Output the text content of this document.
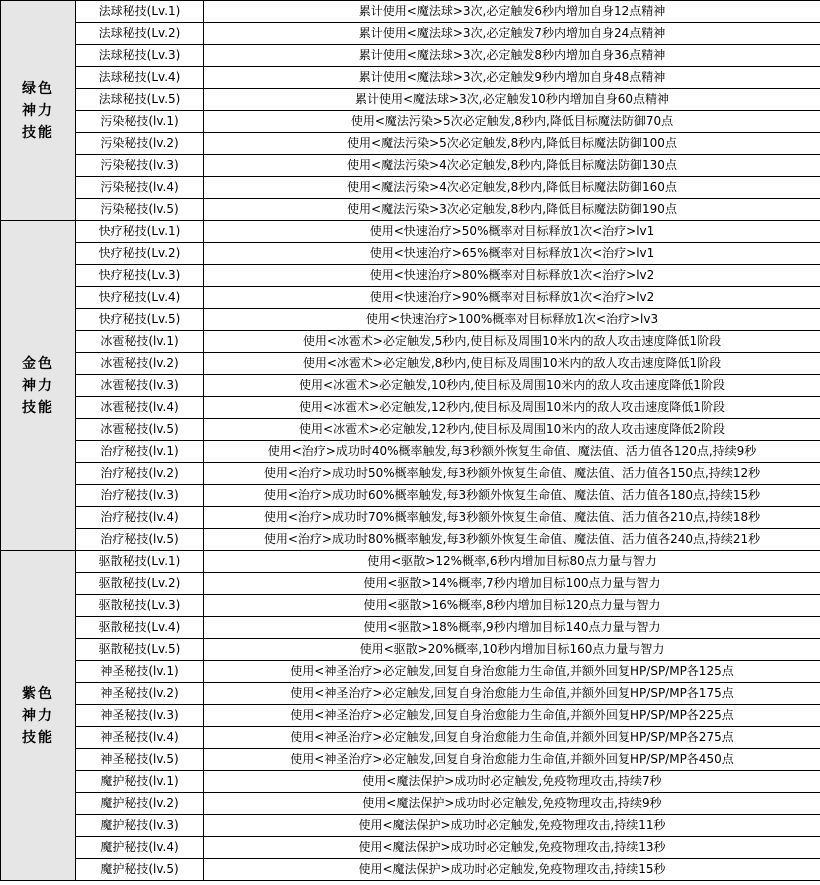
绿色神力技能	法球秘技(Lv.1)	累计使用<魔法球>3次,必定触发6秒内增加自身12点精神
	法球秘技(Lv.2)	累计使用<魔法球>3次,必定触发7秒内增加自身24点精神
	法球秘技(Lv.3)	累计使用<魔法球>3次,必定触发8秒内增加自身36点精神
	法球秘技(Lv.4)	累计使用<魔法球>3次,必定触发9秒内增加自身48点精神
	法球秘技(Lv.5)	累计使用<魔法球>3次,必定触发10秒内增加自身60点精神
	污染秘技(lv.1)	使用<魔法污染>5次必定触发,8秒内,降低目标魔法防御70点
	污染秘技(lv.2)	使用<魔法污染>5次必定触发,8秒内,降低目标魔法防御100点
	污染秘技(lv.3)	使用<魔法污染>4次必定触发,8秒内,降低目标魔法防御130点
	污染秘技(lv.4)	使用<魔法污染>4次必定触发,8秒内,降低目标魔法防御160点
	污染秘技(lv.5)	使用<魔法污染>3次必定触发,8秒内,降低目标魔法防御190点

金色神力技能	快疗秘技(Lv.1)	使用<快速治疗>50%概率对目标释放1次<治疗>lv1
	快疗秘技(Lv.2)	使用<快速治疗>65%概率对目标释放1次<治疗>lv1
	快疗秘技(Lv.3)	使用<快速治疗>80%概率对目标释放1次<治疗>lv2
	快疗秘技(Lv.4)	使用<快速治疗>90%概率对目标释放1次<治疗>lv2
	快疗秘技(Lv.5)	使用<快速治疗>100%概率对目标释放1次<治疗>lv3
	冰雹秘技(lv.1)	使用<冰雹术>必定触发,5秒内,使目标及周围10米内的敌人攻击速度降低1阶段
	冰雹秘技(lv.2)	使用<冰雹术>必定触发,8秒内,使目标及周围10米内的敌人攻击速度降低1阶段
	冰雹秘技(lv.3)	使用<冰雹术>必定触发,10秒内,使目标及周围10米内的敌人攻击速度降低1阶段
	冰雹秘技(lv.4)	使用<冰雹术>必定触发,12秒内,使目标及周围10米内的敌人攻击速度降低1阶段
	冰雹秘技(lv.5)	使用<冰雹术>必定触发,12秒内,使目标及周围10米内的敌人攻击速度降低2阶段
	治疗秘技(lv.1)	使用<治疗>成功时40%概率触发,每3秒额外恢复生命值、魔法值、活力值各120点,持续9秒
	治疗秘技(lv.2)	使用<治疗>成功时50%概率触发,每3秒额外恢复生命值、魔法值、活力值各150点,持续12秒
	治疗秘技(lv.3)	使用<治疗>成功时60%概率触发,每3秒额外恢复生命值、魔法值、活力值各180点,持续15秒
	治疗秘技(lv.4)	使用<治疗>成功时70%概率触发,每3秒额外恢复生命值、魔法值、活力值各210点,持续18秒
	治疗秘技(lv.5)	使用<治疗>成功时80%概率触发,每3秒额外恢复生命值、魔法值、活力值各240点,持续21秒

紫色神力技能	驱散秘技(Lv.1)	使用<驱散>12%概率,6秒内增加目标80点力量与智力
	驱散秘技(Lv.2)	使用<驱散>14%概率,7秒内增加目标100点力量与智力
	驱散秘技(Lv.3)	使用<驱散>16%概率,8秒内增加目标120点力量与智力
	驱散秘技(Lv.4)	使用<驱散>18%概率,9秒内增加目标140点力量与智力
	驱散秘技(Lv.5)	使用<驱散>20%概率,10秒内增加目标160点力量与智力
	神圣秘技(lv.1)	使用<神圣治疗>必定触发,回复自身治愈能力生命值,并额外回复HP/SP/MP各125点
	神圣秘技(lv.2)	使用<神圣治疗>必定触发,回复自身治愈能力生命值,并额外回复HP/SP/MP各175点
	神圣秘技(lv.3)	使用<神圣治疗>必定触发,回复自身治愈能力生命值,并额外回复HP/SP/MP各225点
	神圣秘技(lv.4)	使用<神圣治疗>必定触发,回复自身治愈能力生命值,并额外回复HP/SP/MP各275点
	神圣秘技(lv.5)	使用<神圣治疗>必定触发,回复自身治愈能力生命值,并额外回复HP/SP/MP各450点
	魔护秘技(lv.1)	使用<魔法保护>成功时必定触发,免疫物理攻击,持续7秒
	魔护秘技(lv.2)	使用<魔法保护>成功时必定触发,免疫物理攻击,持续9秒
	魔护秘技(lv.3)	使用<魔法保护>成功时必定触发,免疫物理攻击,持续11秒
	魔护秘技(lv.4)	使用<魔法保护>成功时必定触发,免疫物理攻击,持续13秒
	魔护秘技(lv.5)	使用<魔法保护>成功时必定触发,免疫物理攻击,持续15秒
